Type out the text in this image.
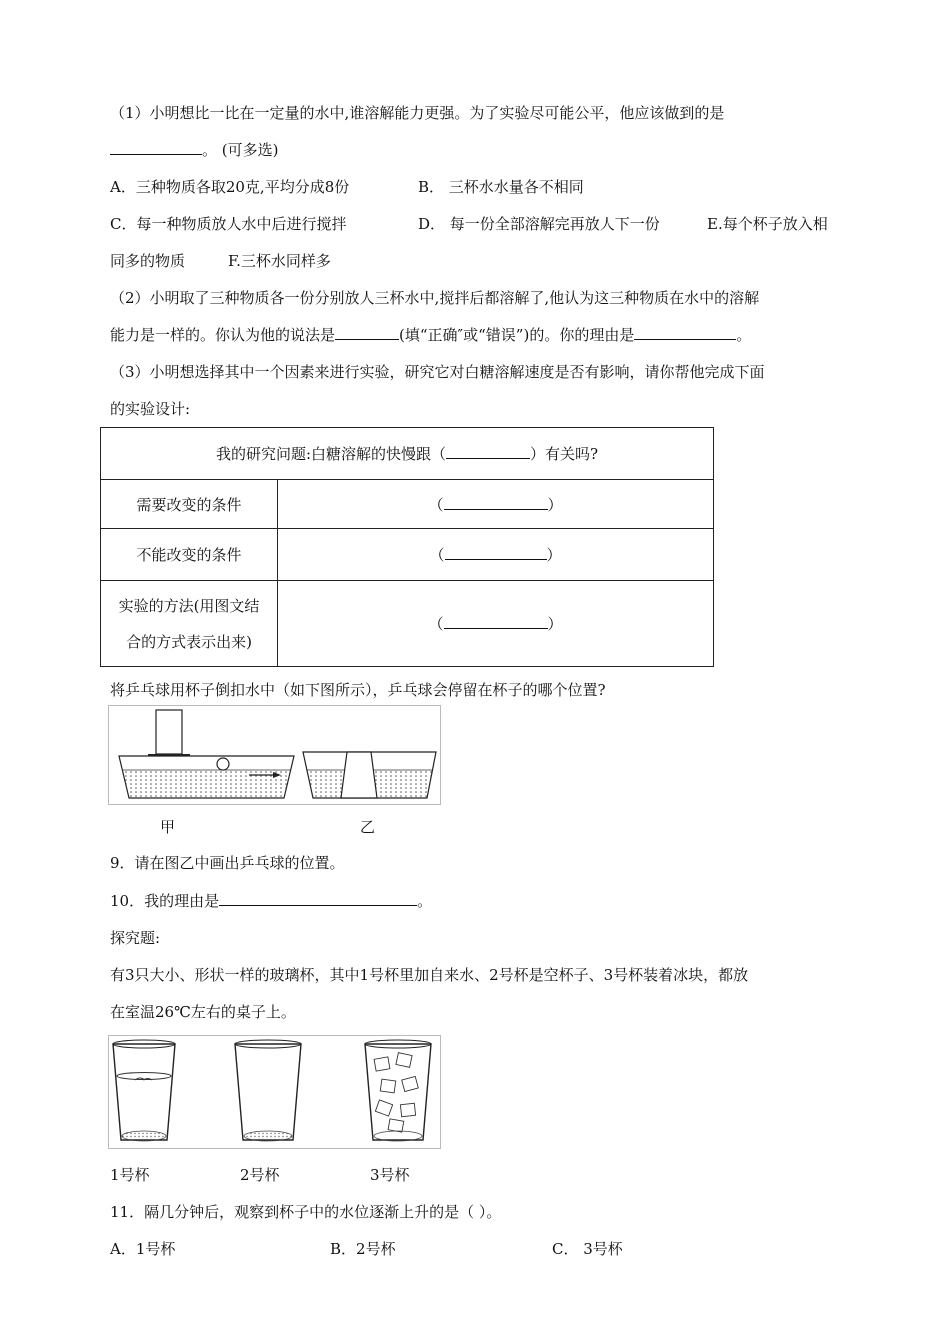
（1）小明想比一比在一定量的水中,谁溶解能力更强。为了实验尽可能公平，他应该做到的是
。 (可多选)
A．三种物质各取20克,平均分成8份	B． 三杯水水量各不相同
C．每一种物质放人水中后进行搅拌	D． 每一份全部溶解完再放人下一份	E.每个杯子放入相
同多的物质	F.三杯水同样多
（2）小明取了三种物质各一份分别放人三杯水中,搅拌后都溶解了,他认为这三种物质在水中的溶解
能力是一样的。你认为他的说法是	(填“正确″或“错误”)的。你的理由是	。
（3）小明想选择其中一个因素来进行实验，研究它对白糖溶解速度是否有影响，请你帮他完成下面
的实验设计:
我的研究问题:白糖溶解的快慢跟（ ）有关吗?	
需要改变的条件	（ ）
不能改变的条件	（ ）
实验的方法(用图文结
合的方式表示出来)	（ ）
将乒乓球用杯子倒扣水中（如下图所示），乒乓球会停留在杯子的哪个位置?
甲	乙
9．请在图乙中画出乒乓球的位置。
10．我的理由是	。
探究题:
有3只大小、形状一样的玻璃杯，其中1号杯里加自来水、2号杯是空杯子、3号杯装着冰块，都放
在室温26℃左右的桌子上。
1号杯	2号杯	3号杯
11．隔几分钟后，观察到杯子中的水位逐渐上升的是（ ）。
A．1号杯	B．2号杯	C． 3号杯
